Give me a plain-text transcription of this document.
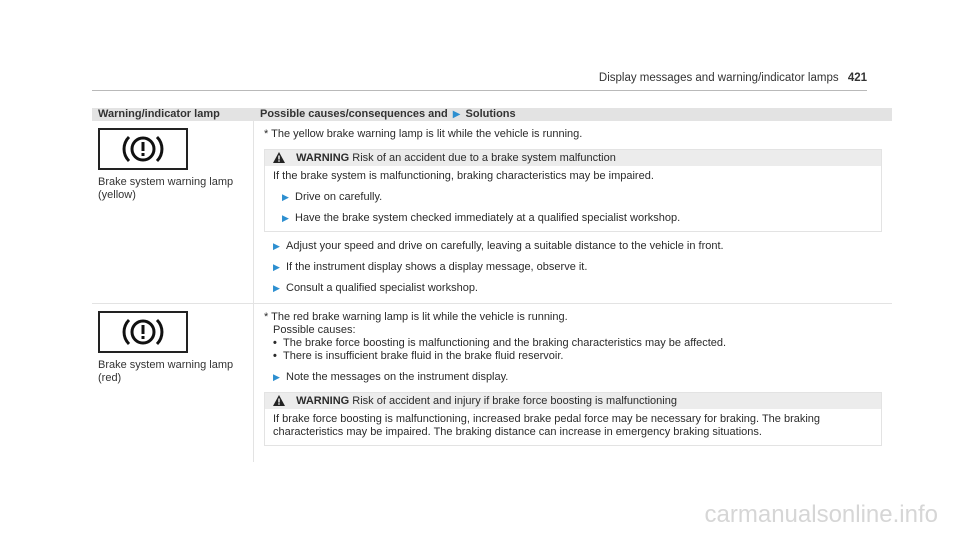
Display messages and warning/indicator lamps 421
Warning/indicator lamp	Possible causes/consequences and ▶ Solutions
Brake system warning lamp
(yellow)
* The yellow brake warning lamp is lit while the vehicle is running.
WARNING Risk of an accident due to a brake system malfunction
If the brake system is malfunctioning, braking characteristics may be impaired.
▶ Drive on carefully.
▶ Have the brake system checked immediately at a qualified specialist workshop.
▶ Adjust your speed and drive on carefully, leaving a suitable distance to the vehicle in front.
▶ If the instrument display shows a display message, observe it.
▶ Consult a qualified specialist workshop.
Brake system warning lamp
(red)
* The red brake warning lamp is lit while the vehicle is running.
Possible causes:
• The brake force boosting is malfunctioning and the braking characteristics may be affected.
• There is insufficient brake fluid in the brake fluid reservoir.
▶ Note the messages on the instrument display.
WARNING Risk of accident and injury if brake force boosting is malfunctioning
If brake force boosting is malfunctioning, increased brake pedal force may be necessary for braking. The braking
characteristics may be impaired. The braking distance can increase in emergency braking situations.
carmanualsonline.info
